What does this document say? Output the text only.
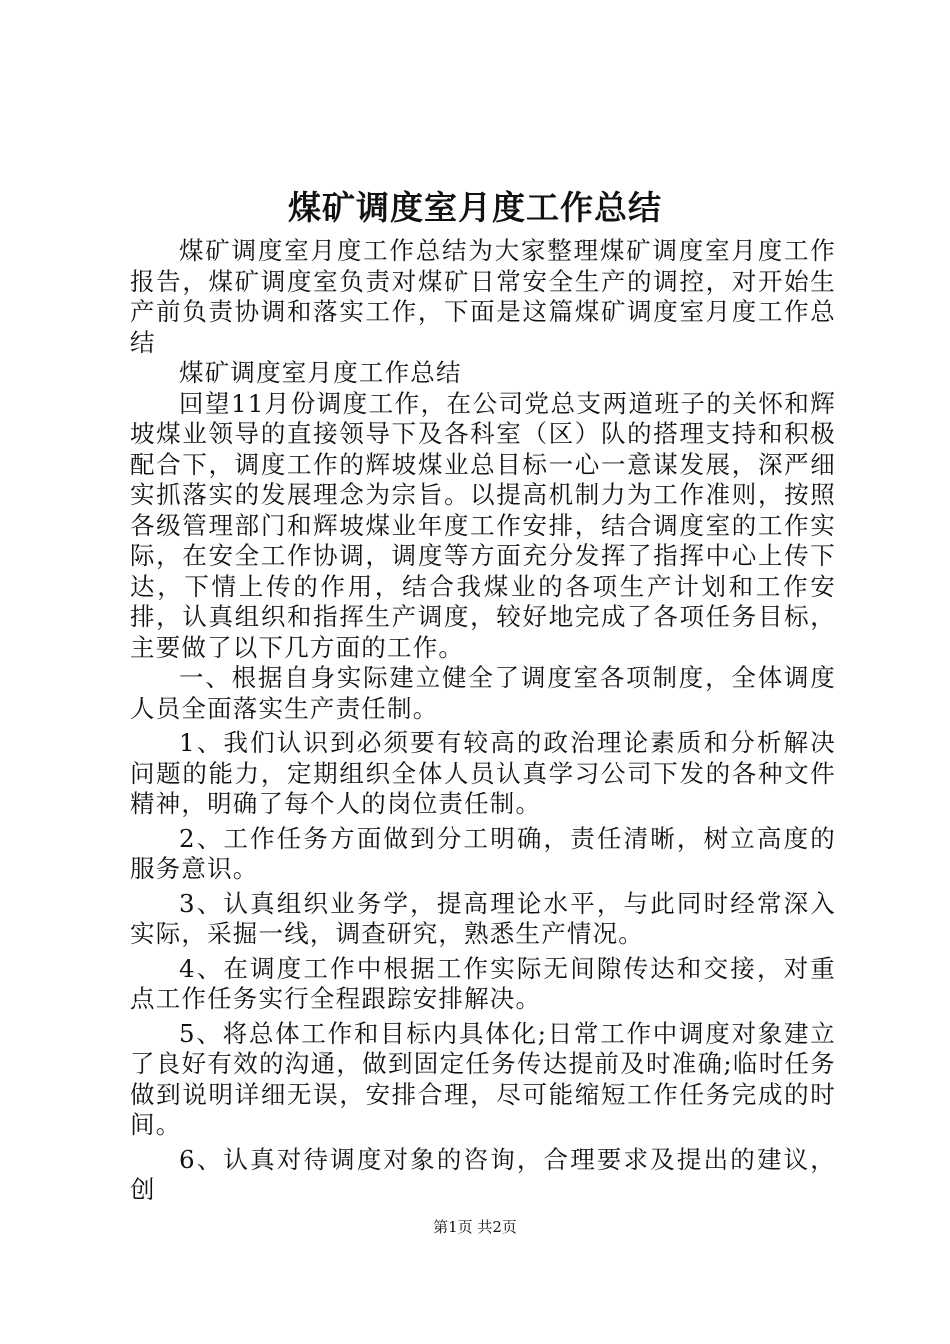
煤矿调度室月度工作总结

煤矿调度室月度工作总结为大家整理煤矿调度室月度工作报告，煤矿调度室负责对煤矿日常安全生产的调控，对开始生产前负责协调和落实工作，下面是这篇煤矿调度室月度工作总结

煤矿调度室月度工作总结

回望11月份调度工作，在公司党总支两道班子的关怀和辉坡煤业领导的直接领导下及各科室（区）队的搭理支持和积极配合下，调度工作的辉坡煤业总目标一心一意谋发展，深严细实抓落实的发展理念为宗旨。以提高机制力为工作准则，按照各级管理部门和辉坡煤业年度工作安排，结合调度室的工作实际，在安全工作协调，调度等方面充分发挥了指挥中心上传下达，下情上传的作用，结合我煤业的各项生产计划和工作安排，认真组织和指挥生产调度，较好地完成了各项任务目标，主要做了以下几方面的工作。

一、根据自身实际建立健全了调度室各项制度，全体调度人员全面落实生产责任制。

1、我们认识到必须要有较高的政治理论素质和分析解决问题的能力，定期组织全体人员认真学习公司下发的各种文件精神，明确了每个人的岗位责任制。

2、工作任务方面做到分工明确，责任清晰，树立高度的服务意识。

3、认真组织业务学，提高理论水平，与此同时经常深入实际，采掘一线，调查研究，熟悉生产情况。

4、在调度工作中根据工作实际无间隙传达和交接，对重点工作任务实行全程跟踪安排解决。

5、将总体工作和目标内具体化;日常工作中调度对象建立了良好有效的沟通，做到固定任务传达提前及时准确;临时任务做到说明详细无误，安排合理，尽可能缩短工作任务完成的时间。

6、认真对待调度对象的咨询，合理要求及提出的建议，创

第1页 共2页
